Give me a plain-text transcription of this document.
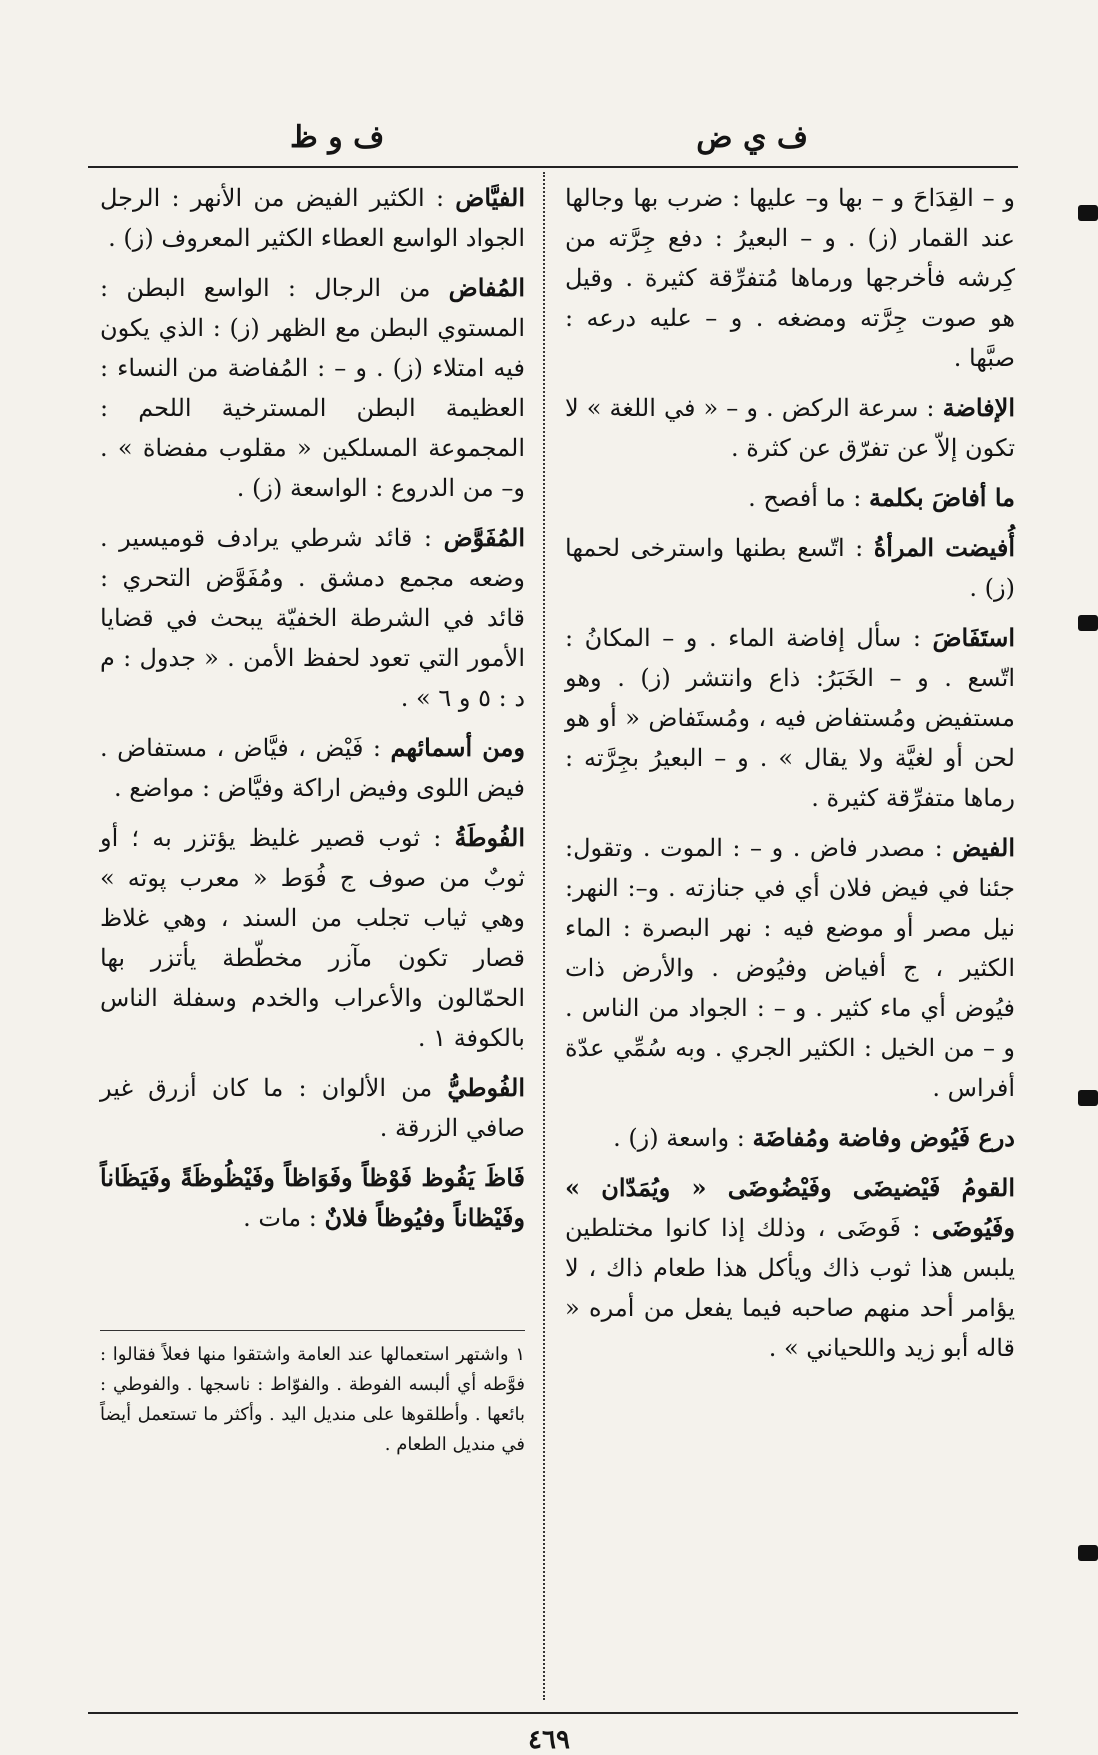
ف ي ض
ف و ظ

و – القِدَاحَ و – بها و– عليها : ضرب بها وجالها عند القمار (ز) . و – البعيرُ : دفع جِرَّته من كِرشه فأخرجها ورماها مُتفرِّقة كثيرة . وقيل هو صوت جِرَّته ومضغه . و – عليه درعه : صبَّها .

الإفاضة : سرعة الركض . و – « في اللغة » لا تكون إلاّ عن تفرّق عن كثرة .

ما أفاضَ بكلمة : ما أفصح .

أُفيضت المرأةُ : اتّسع بطنها واسترخى لحمها (ز) .

استَفَاضَ : سأل إفاضة الماء . و – المكانُ : اتّسع . و – الخَبَرُ: ذاع وانتشر (ز) . وهو مستفيض ومُستفاض فيه ، ومُستَفاض « أو هو لحن أو لغيَّة ولا يقال » . و – البعيرُ بجِرَّته : رماها متفرِّقة كثيرة .

الفيض : مصدر فاض . و – : الموت . وتقول: جئنا في فيض فلان أي في جنازته . و–: النهر: نيل مصر أو موضع فيه : نهر البصرة : الماء الكثير ، ج أفياض وفيُوض . والأرض ذات فيُوض أي ماء كثير . و – : الجواد من الناس . و – من الخيل : الكثير الجري . وبه سُمِّي عدّة أفراس .

درع فَيُوض وفاضة ومُفاضَة : واسعة (ز) .

القومُ فَيْضيضَى وفَيْضُوضَى « ويُمَدّان » وفَيُوضَى : فَوضَى ، وذلك إذا كانوا مختلطين يلبس هذا ثوب ذاك ويأكل هذا طعام ذاك ، لا يؤامر أحد منهم صاحبه فيما يفعل من أمره « قاله أبو زيد واللحياني » .

الفيَّاض : الكثير الفيض من الأنهر : الرجل الجواد الواسع العطاء الكثير المعروف (ز) .

المُفاض من الرجال : الواسع البطن : المستوي البطن مع الظهر (ز) : الذي يكون فيه امتلاء (ز) . و – : المُفاضة من النساء : العظيمة البطن المسترخية اللحم : المجموعة المسلكين « مقلوب مفضاة » . و– من الدروع : الواسعة (ز) .

المُفَوَّض : قائد شرطي يرادف قوميسير . وضعه مجمع دمشق . ومُفَوَّض التحري : قائد في الشرطة الخفيّة يبحث في قضايا الأمور التي تعود لحفظ الأمن . « جدول : م د : ٥ و ٦ » .

ومن أسمائهم : فَيْض ، فيَّاض ، مستفاض . فيض اللوى وفيض اراكة وفيَّاض : مواضع .

الفُوطَةُ : ثوب قصير غليظ يؤتزر به ؛ أو ثوبٌ من صوف ج فُوَط « معرب پوته » وهي ثياب تجلب من السند ، وهي غلاظ قصار تكون مآزر مخطّطة يأتزر بها الحمّالون والأعراب والخدم وسفلة الناس بالكوفة ١ .

الفُوطيُّ من الألوان : ما كان أزرق غير صافي الزرقة .

فَاظَ يَفُوظ فَوْظاً وفَوَاظاً وفَيْظُوظَةً وفَيَظَاناً وفَيْظاناً وفيُوظاً فلانٌ : مات .

١ واشتهر استعمالها عند العامة واشتقوا منها فعلاً فقالوا : فوَّطه أي ألبسه الفوطة . والفوّاط : ناسجها . والفوطي : بائعها . وأطلقوها على منديل اليد . وأكثر ما تستعمل أيضاً في منديل الطعام .
٤٦٩
